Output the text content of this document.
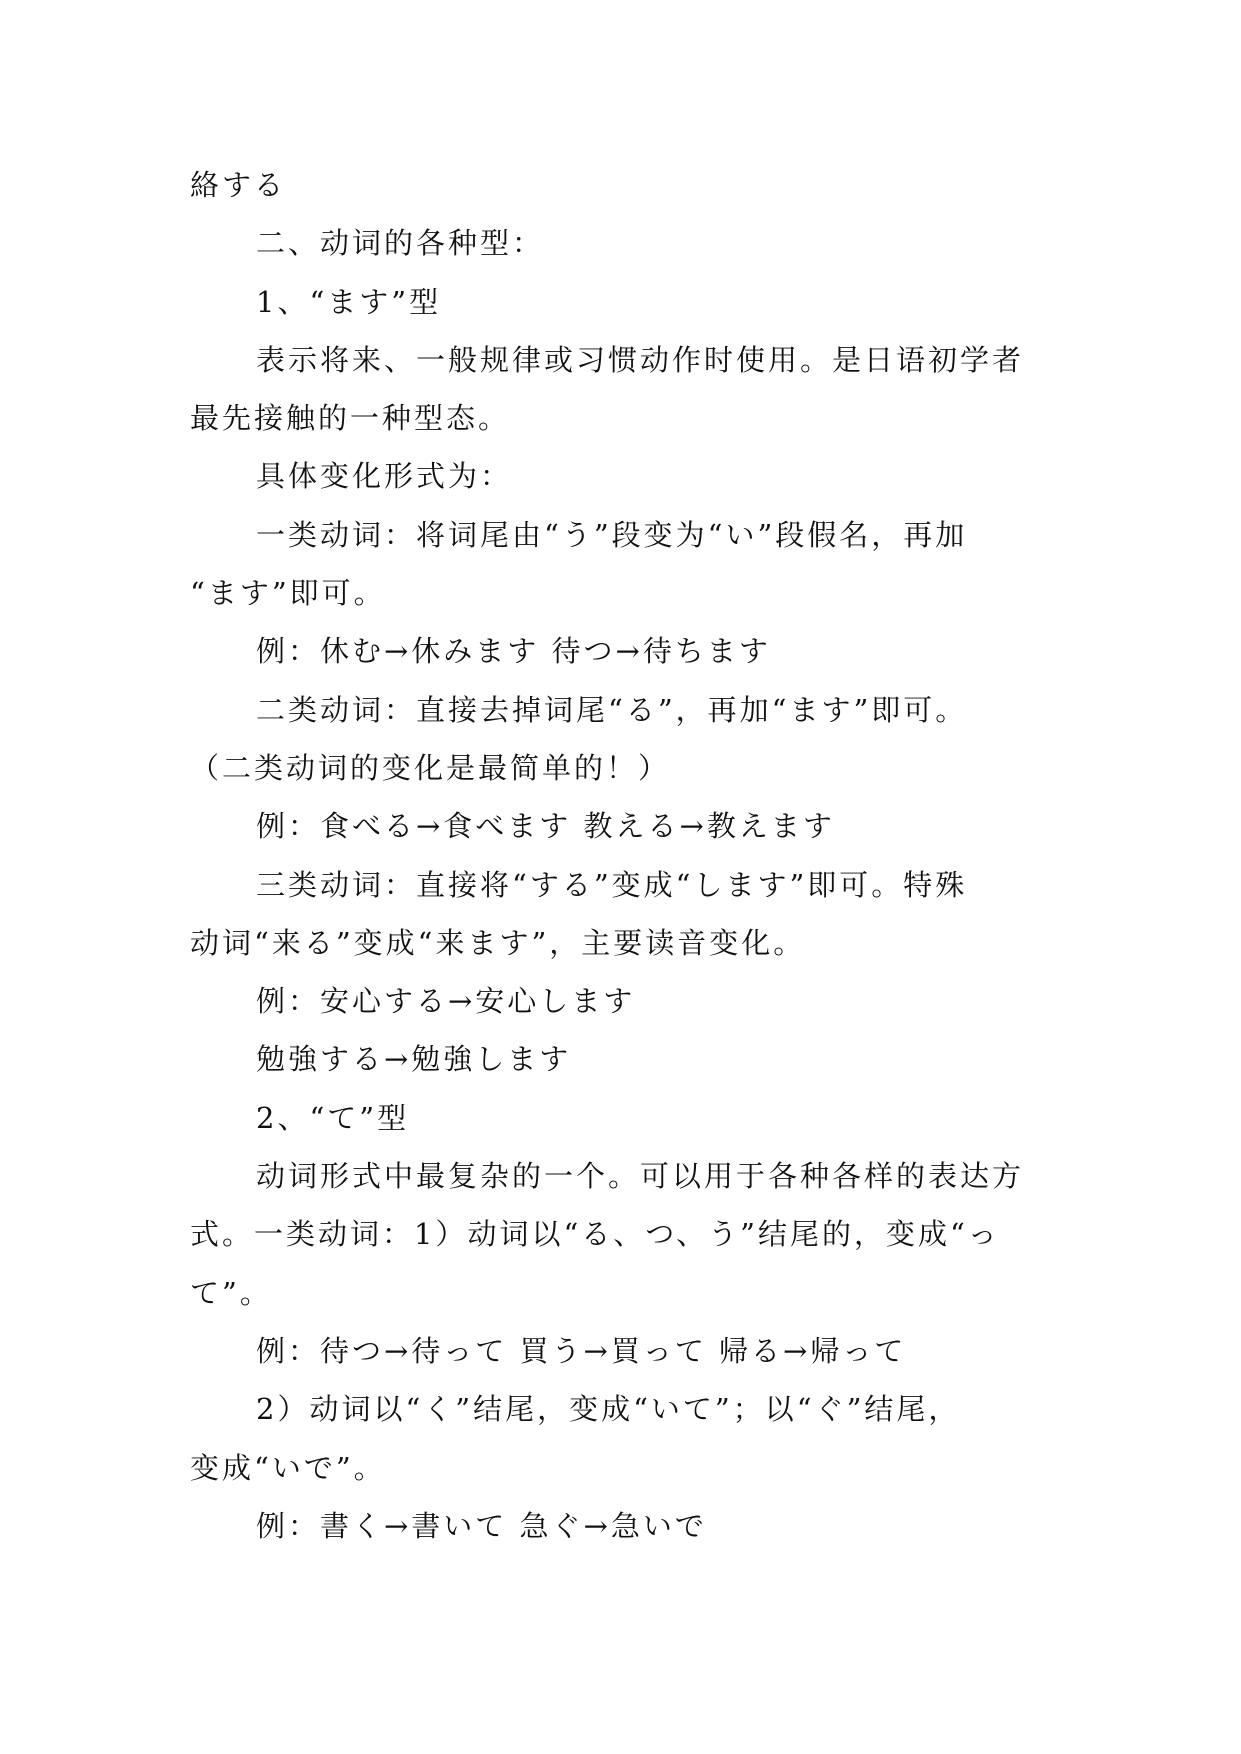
絡する
二、动词的各种型：
1、“ます”型
表示将来、一般规律或习惯动作时使用。是日语初学者
最先接触的一种型态。
具体变化形式为：
一类动词：将词尾由“う”段变为“い”段假名，再加
“ます”即可。
例：休む→休みます 待つ→待ちます
二类动词：直接去掉词尾“る”，再加“ます”即可。
（二类动词的变化是最简单的！）
例：食べる→食べます 教える→教えます
三类动词：直接将“する”变成“します”即可。特殊
动词“来る”变成“来ます”，主要读音变化。
例：安心する→安心します
勉強する→勉強します
2、“て”型
动词形式中最复杂的一个。可以用于各种各样的表达方
式。一类动词：1）动词以“る、つ、う”结尾的，变成“っ
て”。
例：待つ→待って 買う→買って 帰る→帰って
2）动词以“く”结尾，变成“いて”；以“ぐ”结尾，
变成“いで”。
例：書く→書いて 急ぐ→急いで
